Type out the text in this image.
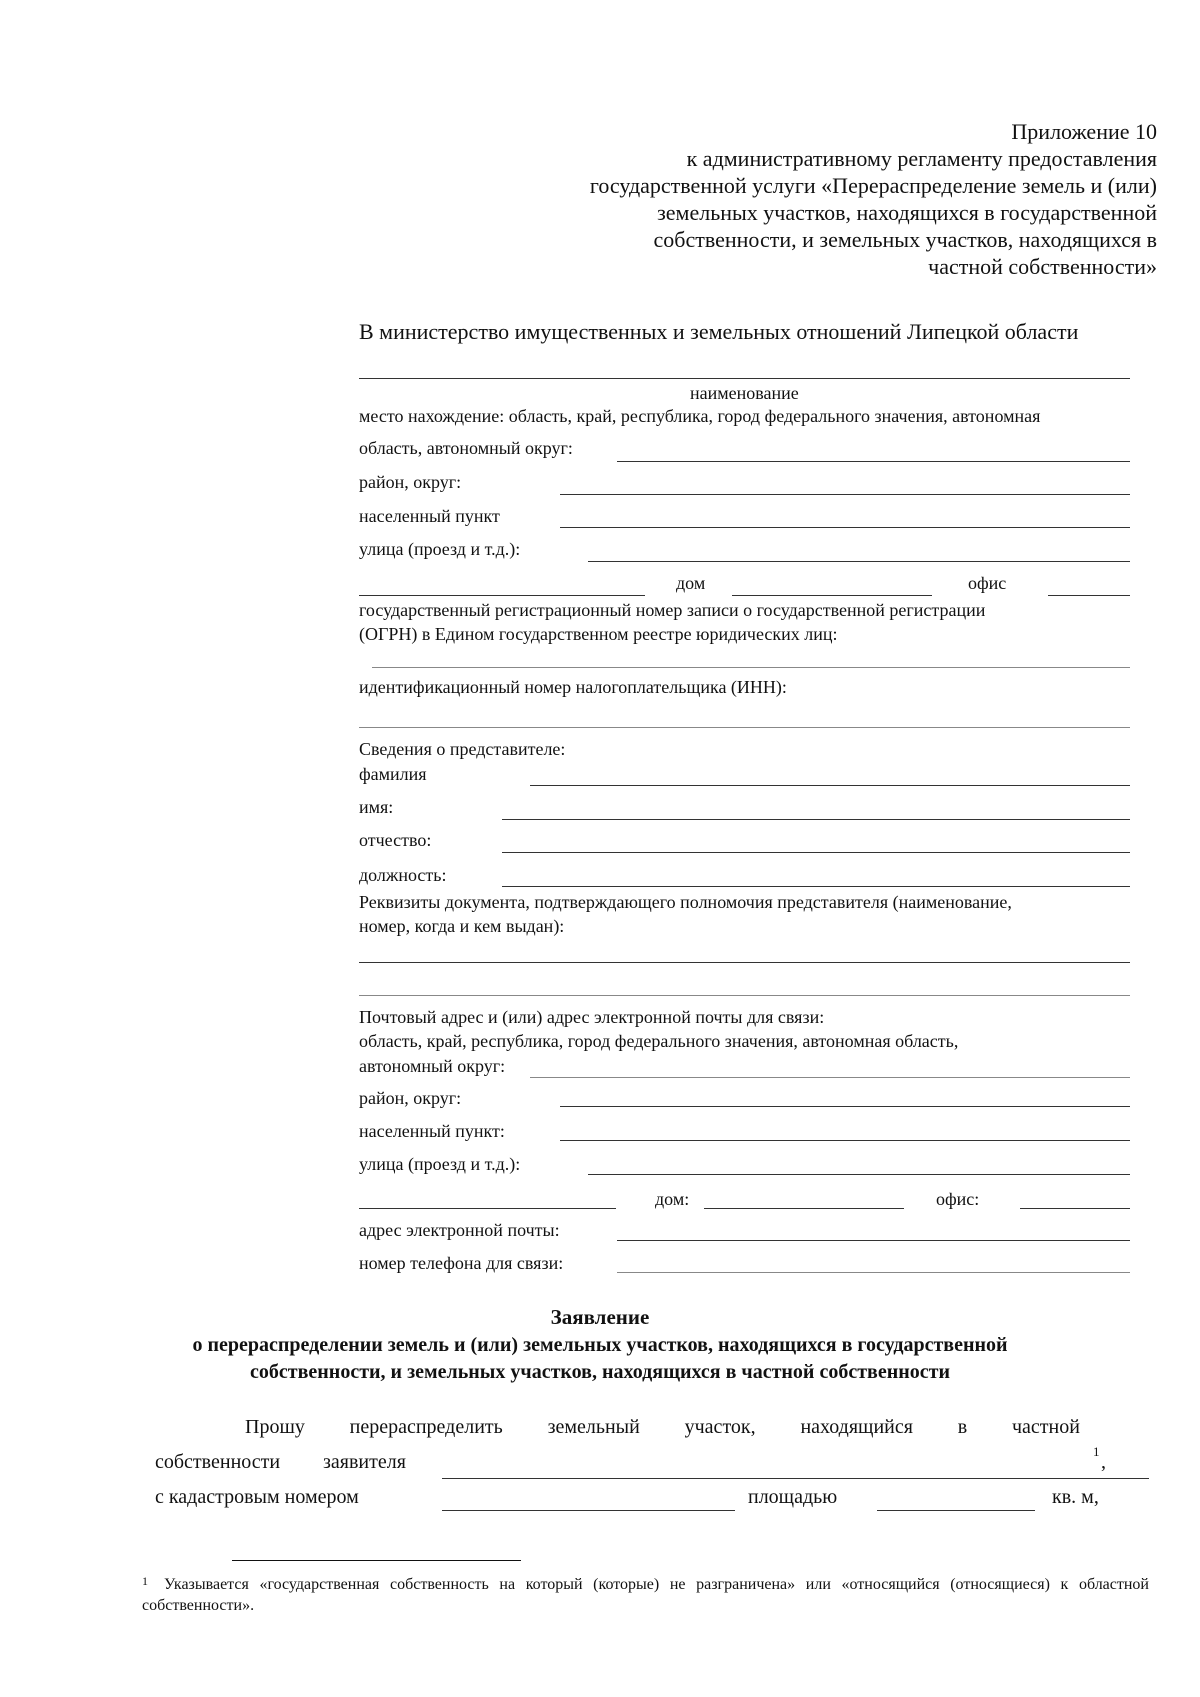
Приложение 10
к административному регламенту предоставления
государственной услуги «Перераспределение земель и (или)
земельных участков, находящихся в государственной
собственности, и земельных участков, находящихся в
частной собственности»
В министерство имущественных и земельных отношений Липецкой области
наименование
место нахождение: область, край, республика, город федерального значения, автономная
область, автономный округ:
район, округ:
населенный пункт
улица (проезд и т.д.):
дом	офис
государственный регистрационный номер записи о государственной регистрации
(ОГРН) в Едином государственном реестре юридических лиц:
идентификационный номер налогоплательщика (ИНН):
Сведения о представителе:
фамилия
имя:
отчество:
должность:
Реквизиты документа, подтверждающего полномочия представителя (наименование,
номер, когда и кем выдан):
Почтовый адрес и (или) адрес электронной почты для связи:
область, край, республика, город федерального значения, автономная область,
автономный округ:
район, округ:
населенный пункт:
улица (проезд и т.д.):
дом:	офис:
адрес электронной почты:
номер телефона для связи:
Заявление
о перераспределении земель и (или) земельных участков, находящихся в государственной
собственности, и земельных участков, находящихся в частной собственности
Прошу перераспределить земельный участок, находящийся в частной
собственности заявителя	1 ,
с кадастровым номером	площадью	кв. м,
1 Указывается «государственная собственность на который (которые) не разграничена» или «относящийся (относящиеся) к областной собственности».
